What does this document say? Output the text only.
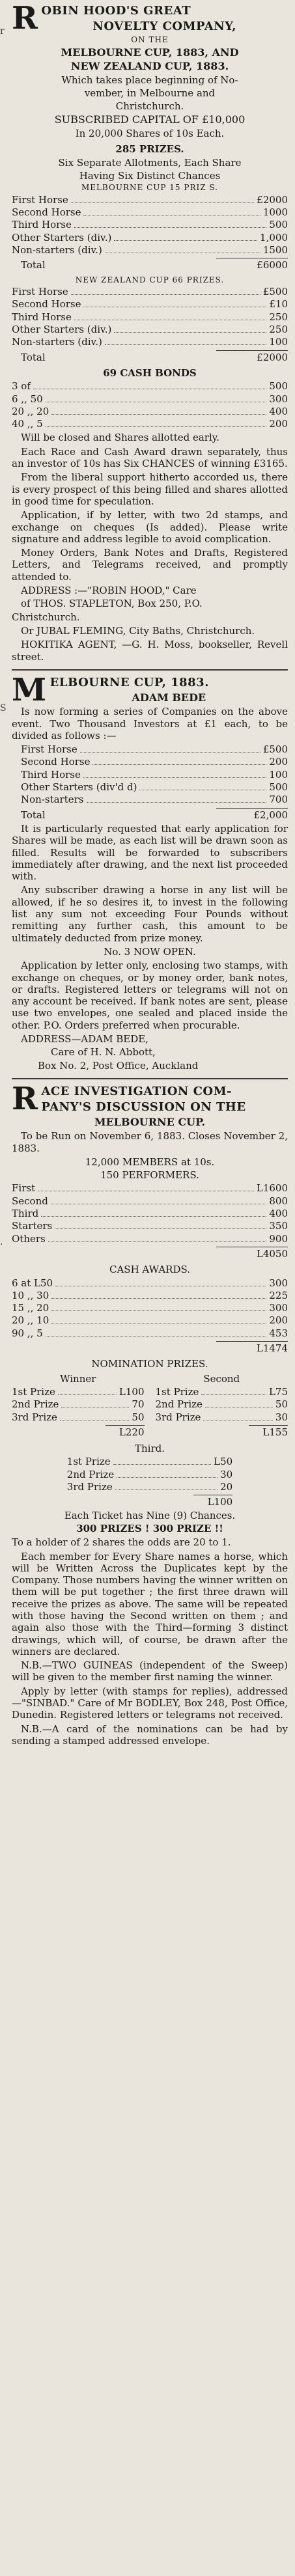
r
S
.
R OBIN HOOD'S GREAT
NOVELTY COMPANY,
ON THE
MELBOURNE CUP, 1883, AND
NEW ZEALAND CUP, 1883.
Which takes place beginning of No-
vember, in Melbourne and
Christchurch.
SUBSCRIBED CAPITAL OF £10,000
In 20,000 Shares of 10s Each.
285 PRIZES.
Six Separate Allotments, Each Share
Having Six Distinct Chances
MELBOURNE CUP 15 PRIZ S.
First Horse	£2000
Second Horse	1000
Third Horse	500
Other Starters (div.)	1,000
Non-starters (div.)	1500
Total	£6000
NEW ZEALAND CUP 66 PRIZES.
First Horse	£500
Second Horse	£10
Third Horse	250
Other Starters (div.)	250
Non-starters (div.)	100
Total	£2000
69 CASH BONDS
3 of	500
6 ,, 50	300
20 ,, 20	400
40 ,, 5	200

Will be closed and Shares allotted early.

Each Race and Cash Award drawn separately, thus an investor of 10s has Six CHANCES of winning £3165.

From the liberal support hitherto accorded us, there is every prospect of this being filled and shares allotted in good time for speculation.

Application, if by letter, with two 2d stamps, and exchange on cheques (Is added). Please write signature and address legible to avoid complication.

Money Orders, Bank Notes and Drafts, Registered Letters, and Telegrams received, and promptly attended to.

ADDRESS :—"ROBIN HOOD," Care
of THOS. STAPLETON, Box 250, P.O.
Christchurch.

Or JUBAL FLEMING, City Baths, Christchurch.

HOKITIKA AGENT, —G. H. Moss, bookseller, Revell street.

M ELBOURNE CUP, 1883.
ADAM BEDE

Is now forming a series of Companies on the above event. Two Thousand Investors at £1 each, to be divided as follows :—

First Horse	£500
Second Horse	200
Third Horse	100
Other Starters (div'd d)	500
Non-starters	700
Total	£2,000

It is particularly requested that early application for Shares will be made, as each list will be drawn soon as filled. Results will be forwarded to subscribers immediately after drawing, and the next list proceeded with.

Any subscriber drawing a horse in any list will be allowed, if he so desires it, to invest in the following list any sum not exceeding Four Pounds without remitting any further cash, this amount to be ultimately deducted from prize money.

No. 3 NOW OPEN.

Application by letter only, enclosing two stamps, with exchange on cheques, or by money order, bank notes, or drafts. Registered letters or telegrams will not on any account be received. If bank notes are sent, please use two envelopes, one sealed and placed inside the other. P.O. Orders preferred when procurable.

ADDRESS—ADAM BEDE,
Care of H. N. Abbott,
Box No. 2, Post Office, Auckland
R ACE INVESTIGATION COM-
PANY'S DISCUSSION ON THE
MELBOURNE CUP.

To be Run on November 6, 1883. Closes November 2, 1883.

12,000 MEMBERS at 10s.
150 PERFORMERS.
First	L1600
Second	800
Third	400
Starters	350
Others	900
L4050
CASH AWARDS.
6 at L50	300
10 ,, 30	225
15 ,, 20	300
20 ,, 10	200
90 ,, 5	453
L1474
NOMINATION PRIZES.
Winner
1st Prize	L100
2nd Prize	70
3rd Prize	50
L220
Second
1st Prize	L75
2nd Prize	50
3rd Prize	30
L155
Third.
1st Prize	L50
2nd Prize	30
3rd Prize	20
L100
Each Ticket has Nine (9) Chances.
300 PRIZES ! 300 PRIZE !!

To a holder of 2 shares the odds are 20 to 1.

Each member for Every Share names a horse, which will be Written Across the Duplicates kept by the Company. Those numbers having the winner written on them will be put together ; the first three drawn will receive the prizes as above. The same will be repeated with those having the Second written on them ; and again also those with the Third—forming 3 distinct drawings, which will, of course, be drawn after the winners are declared.

N.B.—TWO GUINEAS (independent of the Sweep) will be given to the member first naming the winner.

Apply by letter (with stamps for replies), addressed—"SINBAD." Care of Mr BODLEY, Box 248, Post Office, Dunedin. Registered letters or telegrams not received.

N.B.—A card of the nominations can be had by sending a stamped addressed envelope.
